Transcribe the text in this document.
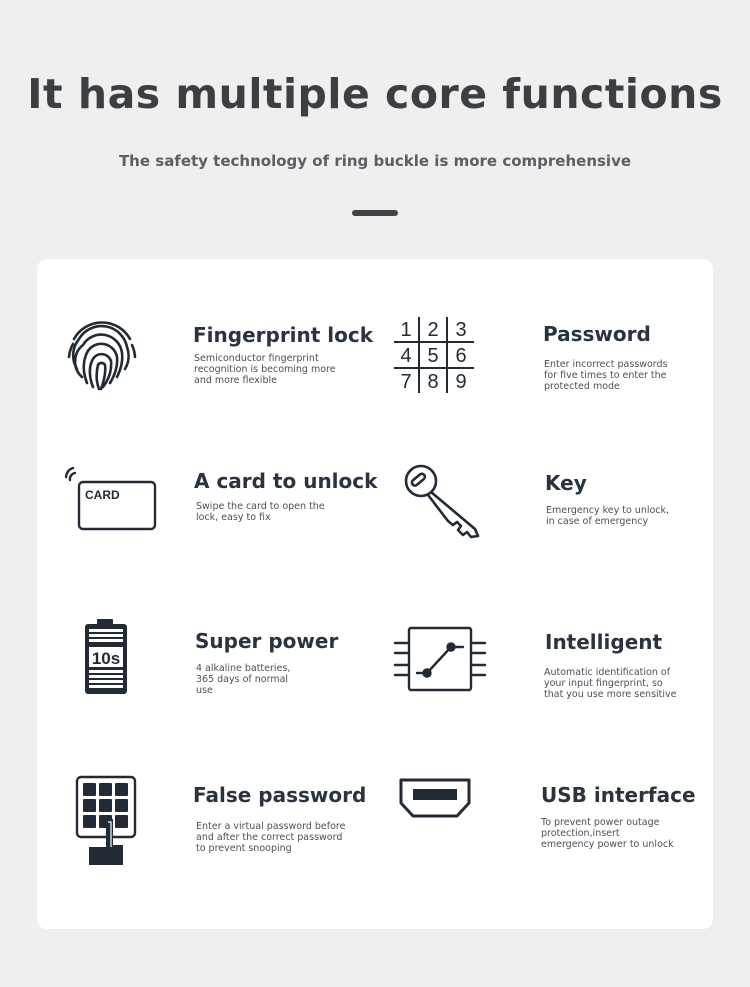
It has multiple core functions

The safety technology of ring buckle is more comprehensive

Fingerprint lock
Semiconductor fingerprint recognition is becoming more and more flexible
1 2 3
4 5 6
7 8 9
Password
Enter incorrect passwords for five times to enter the protected mode
CARD
A card to unlock
Swipe the card to open the lock, easy to fix
Key
Emergency key to unlock, in case of emergency
10s
Super power
4 alkaline batteries, 365 days of normal use
Intelligent
Automatic identification of your input fingerprint, so that you use more sensitive
False password
Enter a virtual password before and after the correct password to prevent snooping
USB interface
To prevent power outage protection,insert emergency power to unlock
